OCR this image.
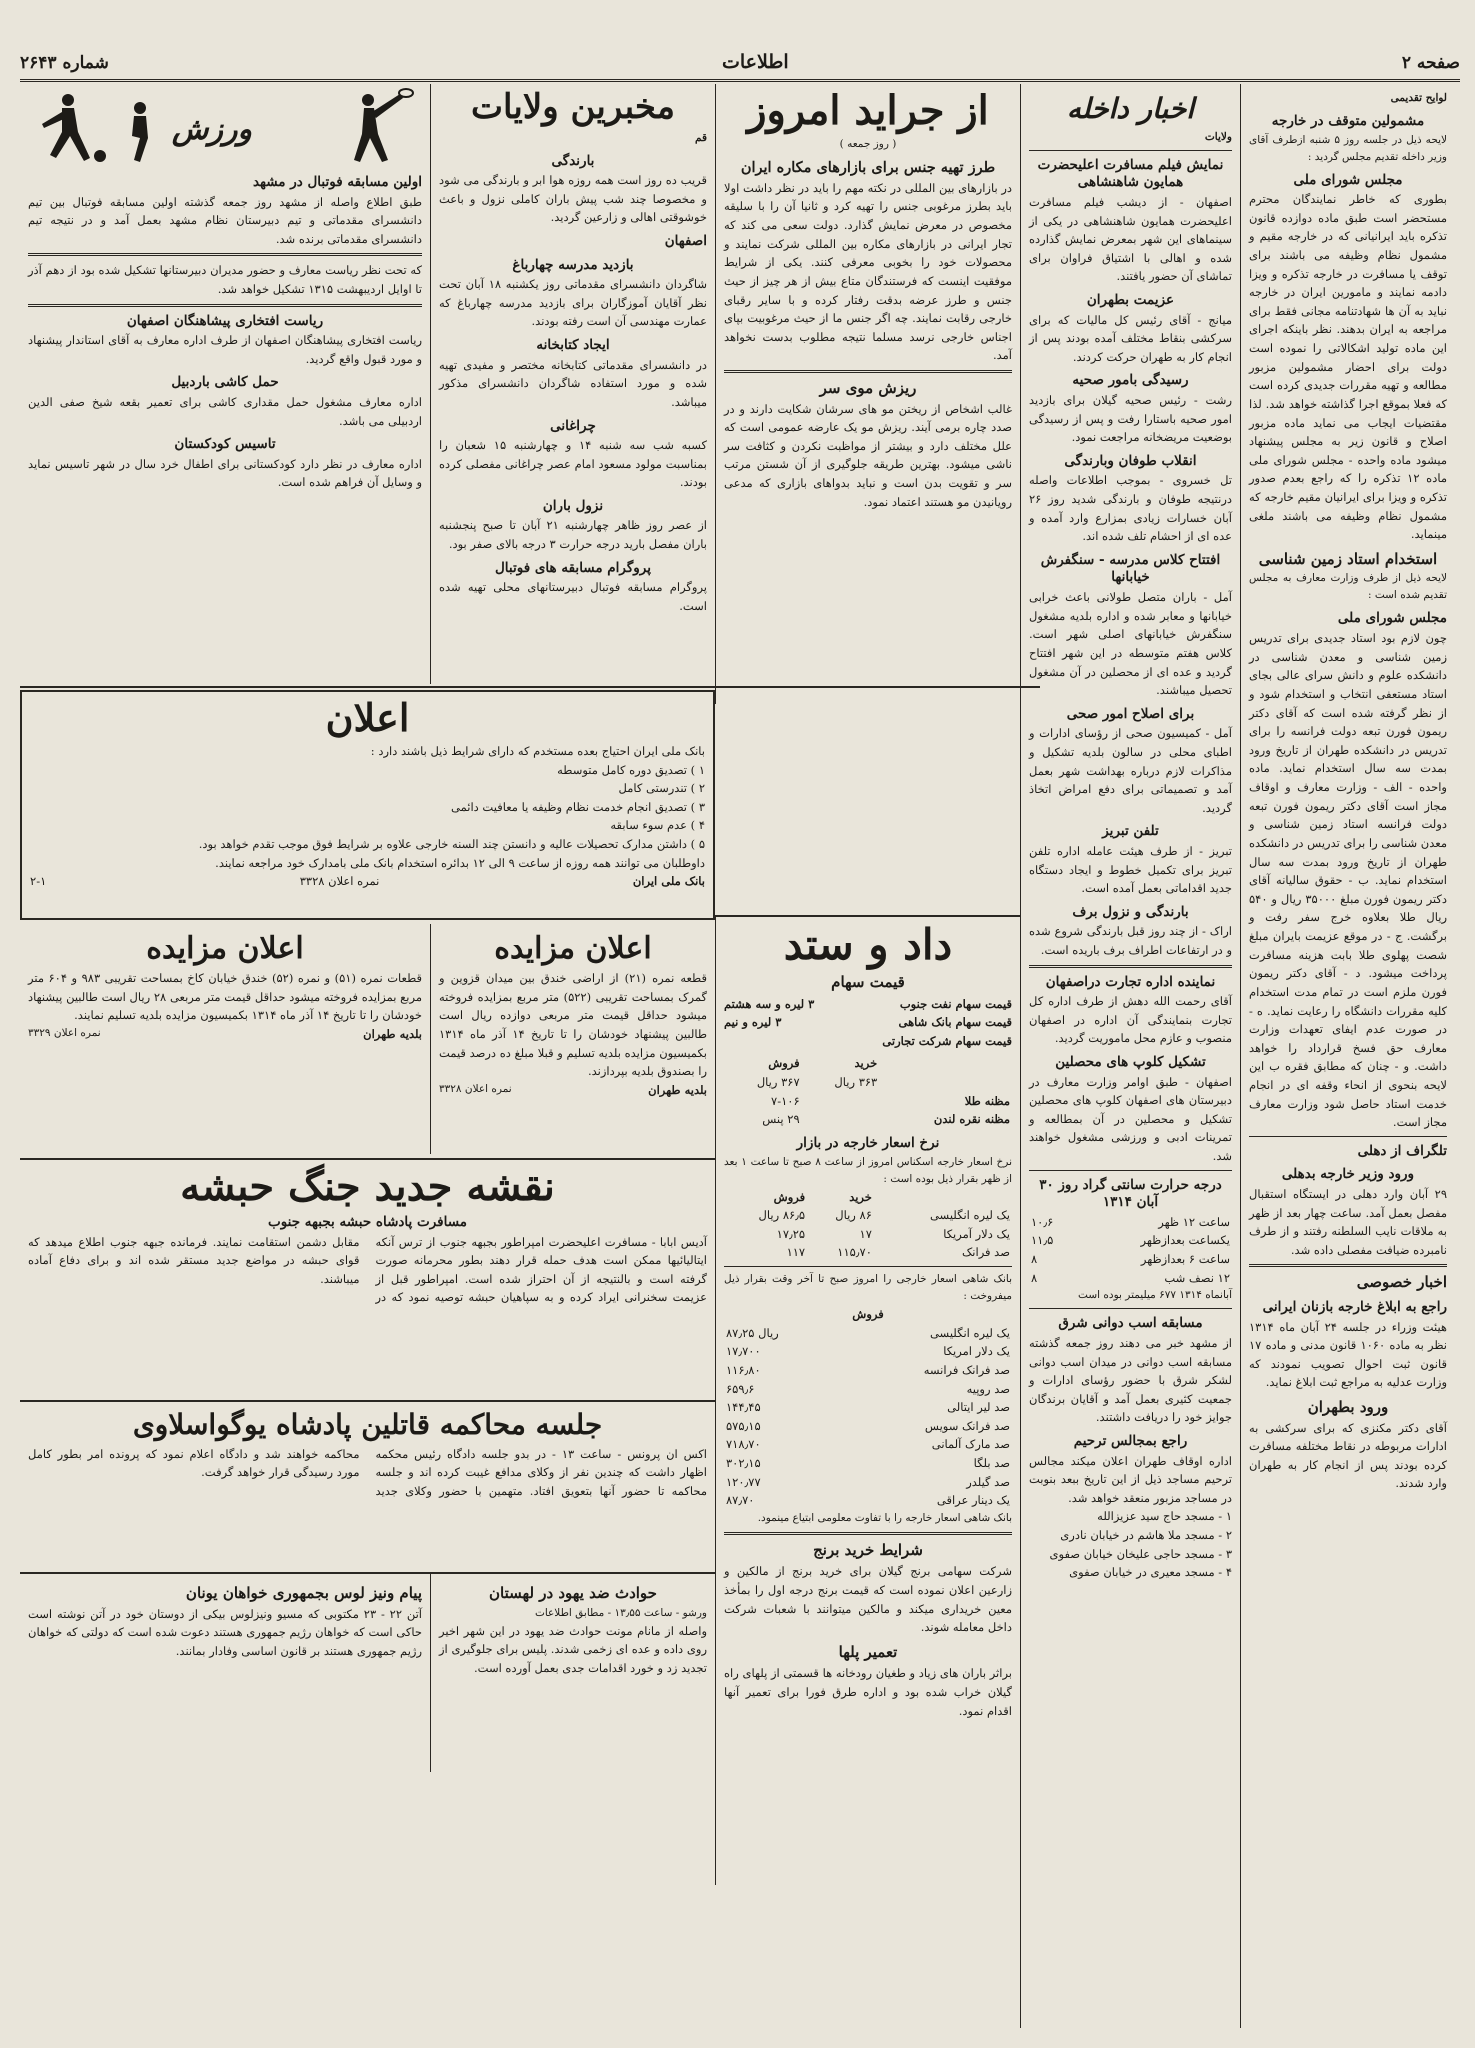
صفحه ۲
اطلاعات
شماره ۲۶۴۳
لوایح تقدیمی
مشمولین متوقف در خارجه
لایحه ذیل در جلسه روز ۵ شنبه ازطرف آقای وزیر داخله تقدیم مجلس گردید :
مجلس شورای ملی
بطوری که خاطر نمایندگان محترم مستحضر است طبق ماده دوازده قانون تذکره باید ایرانیانی که در خارجه مقیم و مشمول نظام وظیفه می باشند برای توقف یا مسافرت در خارجه تذکره و ویزا دادمه نمایند و مامورین ایران در خارجه نباید به آن ها شهادتنامه مجانی فقط برای مراجعه به ایران بدهند. نظر باینکه اجرای این ماده تولید اشکالاتی را نموده است دولت برای احضار مشمولین مزبور مطالعه و تهیه مقررات جدیدی کرده است که فعلا بموقع اجرا گذاشته خواهد شد. لذا مقتضیات ایجاب می نماید ماده مزبور اصلاح و قانون زیر به مجلس پیشنهاد میشود ماده واحده - مجلس شورای ملی ماده ۱۲ تذکره را که راجع بعدم صدور تذکره و ویزا برای ایرانیان مقیم خارجه که مشمول نظام وظیفه می باشند ملغی مینماید.
استخدام استاد زمین شناسی
لایحه ذیل از طرف وزارت معارف به مجلس تقدیم شده است :
مجلس شورای ملی
چون لازم بود استاد جدیدی برای تدریس زمین شناسی و معدن شناسی در دانشکده علوم و دانش سرای عالی بجای استاد مستعفی انتخاب و استخدام شود و از نظر گرفته شده است که آقای دکتر ریمون فورن تبعه دولت فرانسه را برای تدریس در دانشکده طهران از تاریخ ورود بمدت سه سال استخدام نماید. ماده واحده - الف - وزارت معارف و اوقاف مجاز است آقای دکتر ریمون فورن تبعه دولت فرانسه استاد زمین شناسی و معدن شناسی را برای تدریس در دانشکده طهران از تاریخ ورود بمدت سه سال استخدام نماید. ب - حقوق سالیانه آقای دکتر ریمون فورن مبلغ ۳۵۰۰۰ ریال و ۵۴۰ ریال طلا بعلاوه خرج سفر رفت و برگشت. ج - در موقع عزیمت بایران مبلغ شصت پهلوی طلا بابت هزینه مسافرت پرداخت میشود. د - آقای دکتر ریمون فورن ملزم است در تمام مدت استخدام کلیه مقررات دانشگاه را رعایت نماید. ه - در صورت عدم ایفای تعهدات وزارت معارف حق فسخ قرارداد را خواهد داشت. و - چنان که مطابق فقره ب این لایحه بنحوی از انحاء وقفه ای در انجام خدمت استاد حاصل شود وزارت معارف مجاز است.
تلگراف از دهلی
ورود وزیر خارجه بدهلی
۲۹ آبان وارد دهلی در ایستگاه استقبال مفصل بعمل آمد. ساعت چهار بعد از ظهر به ملاقات نایب السلطنه رفتند و از طرف نامبرده ضیافت مفصلی داده شد.
اخبار خصوصی
راجع به ابلاغ خارجه بازنان ایرانی
هیئت وزراء در جلسه ۲۴ آبان ماه ۱۳۱۴ نظر به ماده ۱۰۶۰ قانون مدنی و ماده ۱۷ قانون ثبت احوال تصویب نمودند که وزارت عدلیه به مراجع ثبت ابلاغ نماید.
ورود بطهران
آقای دکتر مکنزی که برای سرکشی به ادارات مربوطه در نقاط مختلفه مسافرت کرده بودند پس از انجام کار به طهران وارد شدند.
اخبار داخله
ولایات
نمایش فیلم مسافرت اعلیحضرت همایون شاهنشاهی
اصفهان - از دیشب فیلم مسافرت اعلیحضرت همایون شاهنشاهی در یکی از سینماهای این شهر بمعرض نمایش گذارده شده و اهالی با اشتیاق فراوان برای تماشای آن حضور یافتند.
عزیمت بطهران
میانج - آقای رئیس کل مالیات که برای سرکشی بنقاط مختلف آمده بودند پس از انجام کار به طهران حرکت کردند.
رسیدگی بامور صحیه
رشت - رئیس صحیه گیلان برای بازدید امور صحیه باستارا رفت و پس از رسیدگی بوضعیت مریضخانه مراجعت نمود.
انقلاب طوفان وبارندگی
تل خسروی - بموجب اطلاعات واصله درنتیجه طوفان و بارندگی شدید روز ۲۶ آبان خسارات زیادی بمزارع وارد آمده و عده ای از احشام تلف شده اند.
افتتاح کلاس مدرسه - سنگفرش خیابانها
آمل - باران متصل طولانی باعث خرابی خیابانها و معابر شده و اداره بلدیه مشغول سنگفرش خیابانهای اصلی شهر است. کلاس هفتم متوسطه در این شهر افتتاح گردید و عده ای از محصلین در آن مشغول تحصیل میباشند.
برای اصلاح امور صحی
آمل - کمیسیون صحی از رؤسای ادارات و اطبای محلی در سالون بلدیه تشکیل و مذاکرات لازم درباره بهداشت شهر بعمل آمد و تصمیماتی برای دفع امراض اتخاذ گردید.
تلفن تبریز
تبریز - از طرف هیئت عامله اداره تلفن تبریز برای تکمیل خطوط و ایجاد دستگاه جدید اقداماتی بعمل آمده است.
بارندگی و نزول برف
اراک - از چند روز قبل بارندگی شروع شده و در ارتفاعات اطراف برف باریده است.
نماینده اداره تجارت دراصفهان
آقای رحمت الله دهش از طرف اداره کل تجارت بنمایندگی آن اداره در اصفهان منصوب و عازم محل ماموریت گردید.
تشکیل کلوپ های محصلین
اصفهان - طبق اوامر وزارت معارف در دبیرستان های اصفهان کلوپ های محصلین تشکیل و محصلین در آن بمطالعه و تمرینات ادبی و ورزشی مشغول خواهند شد.
درجه حرارت سانتی گراد روز ۳۰ آبان ۱۳۱۴
ساعت ۱۲ ظهر	۱۰٫۶
یکساعت بعدازظهر	۱۱٫۵
ساعت ۶ بعدازظهر	۸
۱۲ نصف شب	۸
آبانماه ۱۳۱۴ ۶۷۷ میلیمتر بوده است
مسابقه اسب دوانی شرق
از مشهد خبر می دهند روز جمعه گذشته مسابقه اسب دوانی در میدان اسب دوانی لشکر شرق با حضور رؤسای ادارات و جمعیت کثیری بعمل آمد و آقایان برندگان جوایز خود را دریافت داشتند.
راجع بمجالس ترحیم
اداره اوقاف طهران اعلان میکند مجالس ترحیم مساجد ذیل از این تاریخ ببعد بنوبت در مساجد مزبور منعقد خواهد شد.
۱ - مسجد حاج سید عزیزالله
۲ - مسجد ملا هاشم در خیابان نادری
۳ - مسجد حاجی علیخان خیابان صفوی
۴ - مسجد معیری در خیابان صفوی
از جراید امروز
( روز جمعه )
طرز تهیه جنس برای بازارهای مکاره ایران
در بازارهای بین المللی در نکته مهم را باید در نظر داشت اولا باید بطرز مرغوبی جنس را تهیه کرد و ثانیا آن را با سلیقه مخصوص در معرض نمایش گذارد. دولت سعی می کند که تجار ایرانی در بازارهای مکاره بین المللی شرکت نمایند و محصولات خود را بخوبی معرفی کنند. یکی از شرایط موفقیت اینست که فرستندگان متاع بیش از هر چیز از حیث جنس و طرز عرضه بدقت رفتار کرده و با سایر رقبای خارجی رقابت نمایند. چه اگر جنس ما از حیث مرغوبیت بپای اجناس خارجی نرسد مسلما نتیجه مطلوب بدست نخواهد آمد.
ریزش موی سر
غالب اشخاص از ریختن مو های سرشان شکایت دارند و در صدد چاره برمی آیند. ریزش مو یک عارضه عمومی است که علل مختلف دارد و بیشتر از مواظبت نکردن و کثافت سر ناشی میشود. بهترین طریقه جلوگیری از آن شستن مرتب سر و تقویت بدن است و نباید بدواهای بازاری که مدعی رویانیدن مو هستند اعتماد نمود.
مخبرین ولایات
قم
بارندگی
قریب ده روز است همه روزه هوا ابر و بارندگی می شود و مخصوصا چند شب پیش باران کاملی نزول و باعث خوشوقتی اهالی و زارعین گردید.
اصفهان
بازدید مدرسه چهارباغ
شاگردان دانشسرای مقدماتی روز یکشنبه ۱۸ آبان تحت نظر آقایان آموزگاران برای بازدید مدرسه چهارباغ که عمارت مهندسی آن است رفته بودند.
ایجاد کتابخانه
در دانشسرای مقدماتی کتابخانه مختصر و مفیدی تهیه شده و مورد استفاده شاگردان دانشسرای مذکور میباشد.
چراغانی
کسبه شب سه شنبه ۱۴ و چهارشنبه ۱۵ شعبان را بمناسبت مولود مسعود امام عصر چراغانی مفصلی کرده بودند.
نزول باران
از عصر روز ظاهر چهارشنبه ۲۱ آبان تا صبح پنجشنبه باران مفصل بارید درجه حرارت ۳ درجه بالای صفر بود.
پروگرام مسابقه های فوتبال
پروگرام مسابقه فوتبال دبیرستانهای محلی تهیه شده است.
ورزش
اولین مسابقه فوتبال در مشهد
طبق اطلاع واصله از مشهد روز جمعه گذشته اولین مسابقه فوتبال بین تیم دانشسرای مقدماتی و تیم دبیرستان نظام مشهد بعمل آمد و در نتیجه تیم دانشسرای مقدماتی برنده شد.
که تحت نظر ریاست معارف و حضور مدیران دبیرستانها تشکیل شده بود از دهم آذر تا اوایل اردیبهشت ۱۳۱۵ تشکیل خواهد شد.
ریاست افتخاری پیشاهنگان اصفهان
ریاست افتخاری پیشاهنگان اصفهان از طرف اداره معارف به آقای استاندار پیشنهاد و مورد قبول واقع گردید.
حمل کاشی باردبیل
اداره معارف مشغول حمل مقداری کاشی برای تعمیر بقعه شیخ صفی الدین اردبیلی می باشد.
تاسیس کودکستان
اداره معارف در نظر دارد کودکستانی برای اطفال خرد سال در شهر تاسیس نماید و وسایل آن فراهم شده است.
اعلان
بانک ملی ایران احتیاج بعده مستخدم که دارای شرایط ذیل باشند دارد :
۱ ) تصدیق دوره کامل متوسطه
۲ ) تندرستی کامل
۳ ) تصدیق انجام خدمت نظام وظیفه یا معافیت دائمی
۴ ) عدم سوء سابقه
۵ ) داشتن مدارک تحصیلات عالیه و دانستن چند السنه خارجی علاوه بر شرایط فوق موجب تقدم خواهد بود.
داوطلبان می توانند همه روزه از ساعت ۹ الی ۱۲ بدائره استخدام بانک ملی بامدارک خود مراجعه نمایند.
بانک ملی ایران
نمره اعلان ۳۳۲۸
۲-۱
اعلان مزایده
قطعه نمره (۲۱) از اراضی خندق بین میدان قزوین و گمرک بمساحت تقریبی (۵۲۲) متر مربع بمزایده فروخته میشود حداقل قیمت متر مربعی دوازده ریال است طالبین پیشنهاد خودشان را تا تاریخ ۱۴ آذر ماه ۱۳۱۴ بکمیسیون مزایده بلدیه تسلیم و قبلا مبلغ ده درصد قیمت را بصندوق بلدیه بپردازند.
بلدیه طهران
نمره اعلان ۳۳۲۸
اعلان مزایده
قطعات نمره (۵۱) و نمره (۵۲) خندق خیابان کاخ بمساحت تقریبی ۹۸۳ و ۶۰۴ متر مربع بمزایده فروخته میشود حداقل قیمت متر مربعی ۲۸ ریال است طالبین پیشنهاد خودشان را تا تاریخ ۱۴ آذر ماه ۱۳۱۴ بکمیسیون مزایده بلدیه تسلیم نمایند.
بلدیه طهران
نمره اعلان ۳۳۲۹
داد و ستد
قیمت سهام
قیمت سهام نفت جنوب
۳ لیره و سه هشتم
قیمت سهام بانک شاهی
۳ لیره و نیم
قیمت سهام شرکت تجارتی
	خرید	فروش
	۳۶۳ ریال	۳۶۷ ریال
مظنه طلا		۷-۱۰۶
مظنه نقره لندن		۲۹ پنس
نرخ اسعار خارجه در بازار
نرخ اسعار خارجه اسکناس امروز از ساعت ۸ صبح تا ساعت ۱ بعد از ظهر بقرار ذیل بوده است :
	خرید	فروش
یک لیره انگلیسی	۸۶ ریال	۸۶٫۵ ریال
یک دلار آمریکا	۱۷	۱۷٫۲۵
صد فرانک	۱۱۵٫۷۰	۱۱۷
بانک شاهی اسعار خارجی را امروز صبح تا آخر وقت بقرار ذیل میفروخت :
فروش
یک لیره انگلیسی	۸۷٫۲۵ ریال
یک دلار امریکا	۱۷٫۷۰۰
صد فرانک فرانسه	۱۱۶٫۸۰
صد روپیه	۶۵۹٫۶
صد لیر ایتالی	۱۴۴٫۴۵
صد فرانک سویس	۵۷۵٫۱۵
صد مارک آلمانی	۷۱۸٫۷۰
صد بلگا	۳۰۲٫۱۵
صد گیلدر	۱۲۰٫۷۷
یک دینار عراقی	۸۷٫۷۰
بانک شاهی اسعار خارجه را با تفاوت معلومی ابتیاع مینمود.
شرایط خرید برنج
شرکت سهامی برنج گیلان برای خرید برنج از مالکین و زارعین اعلان نموده است که قیمت برنج درجه اول را بمأخذ معین خریداری میکند و مالکین میتوانند با شعبات شرکت داخل معامله شوند.
تعمیر پلها
براثر باران های زیاد و طغیان رودخانه ها قسمتی از پلهای راه گیلان خراب شده بود و اداره طرق فورا برای تعمیر آنها اقدام نمود.
نقشه جدید جنگ حبشه
مسافرت پادشاه حبشه بجبهه جنوب
آدیس ابابا - مسافرت اعلیحضرت امپراطور بجبهه جنوب از ترس آنکه ایتالیائیها ممکن است هدف حمله قرار دهند بطور محرمانه صورت گرفته است و بالنتیجه از آن احتراز شده است. امپراطور قبل از عزیمت سخنرانی ایراد کرده و به سپاهیان حبشه توصیه نمود که در مقابل دشمن استقامت نمایند. فرمانده جبهه جنوب اطلاع میدهد که قوای حبشه در مواضع جدید مستقر شده اند و برای دفاع آماده میباشند.
جلسه محاکمه قاتلین پادشاه یوگواسلاوی
اکس ان پرونس - ساعت ۱۳ - در بدو جلسه دادگاه رئیس محکمه اظهار داشت که چندین نفر از وکلای مدافع غیبت کرده اند و جلسه محاکمه تا حضور آنها بتعویق افتاد. متهمین با حضور وکلای جدید محاکمه خواهند شد و دادگاه اعلام نمود که پرونده امر بطور کامل مورد رسیدگی قرار خواهد گرفت.
حوادث ضد یهود در لهستان
ورشو - ساعت ۱۳٫۵۵ - مطابق اطلاعات
واصله از مانام مونت حوادث ضد یهود در این شهر اخیر روی داده و عده ای زخمی شدند. پلیس برای جلوگیری از تجدید زد و خورد اقدامات جدی بعمل آورده است.
پیام ونیز لوس بجمهوری خواهان یونان
آتن ۲۲ - ۲۳ مکتوبی که مسیو ونیزلوس بیکی از دوستان خود در آتن نوشته است حاکی است که خواهان رژیم جمهوری هستند دعوت شده است که دولتی که خواهان رژیم جمهوری هستند بر قانون اساسی وفادار بمانند.
